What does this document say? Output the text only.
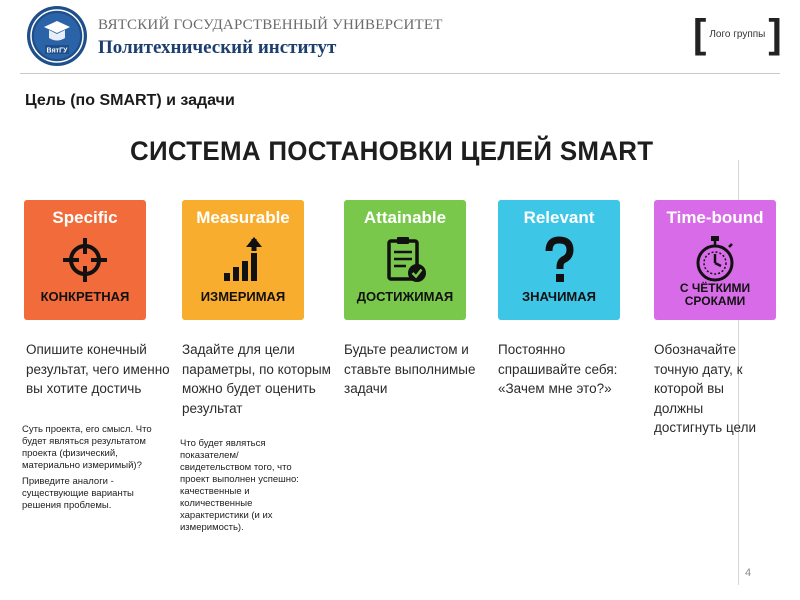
ВятГУ
ВЯТСКИЙ ГОСУДАРСТВЕННЫЙ УНИВЕРСИТЕТ
Политехнический институт	[ Лого группы ]
Цель (по SMART) и задачи
СИСТЕМА ПОСТАНОВКИ ЦЕЛЕЙ SMART
Specific
КОНКРЕТНАЯ
Measurable
ИЗМЕРИМАЯ
Attainable
ДОСТИЖИМАЯ
Relevant
ЗНАЧИМАЯ
Time-bound
С ЧЁТКИМИ
СРОКАМИ
Опишите конечный результат, чего именно вы хотите достичь
Задайте для цели параметры, по которым можно будет оценить результат
Будьте реалистом и ставьте выполнимые задачи
Постоянно спрашивайте себя: «Зачем мне это?»
Обозначайте точную дату, к которой вы должны достигнуть цели
Суть проекта, его смысл. Что будет являться результатом проекта (физический, материально измеримый)?
Приведите аналоги - существующие варианты решения проблемы.
Что будет являться показателем/свидетельством того, что проект выполнен успешно: качественные и количественные характеристики (и их измеримость).
4
